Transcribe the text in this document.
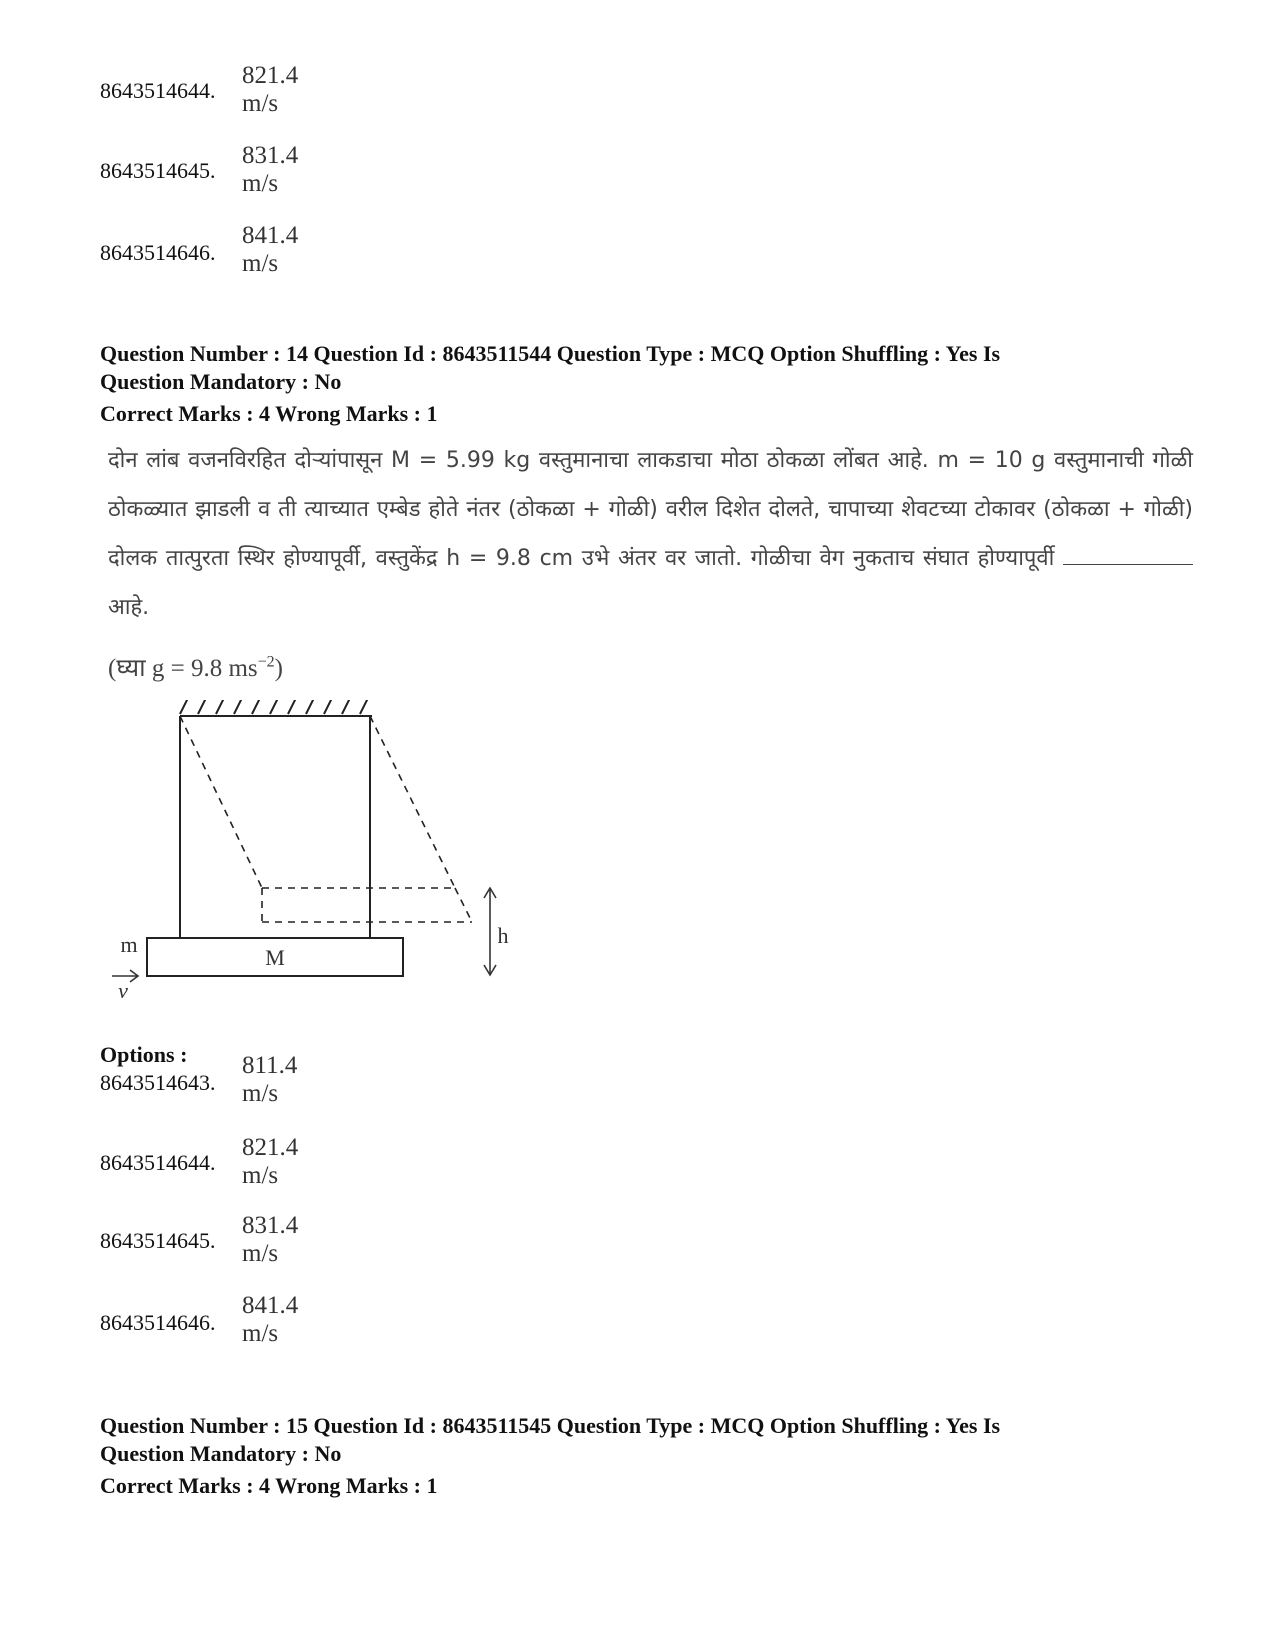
8643514644.
821.4 m/s
8643514645.
831.4 m/s
8643514646.
841.4 m/s
Question Number : 14 Question Id : 8643511544 Question Type : MCQ Option Shuffling : Yes Is
Question Mandatory : No
Correct Marks : 4 Wrong Marks : 1
दोन लांब वजनविरहित दोऱ्यांपासून M = 5.99 kg वस्तुमानाचा लाकडाचा मोठा ठोकळा लोंबत आहे. m = 10 g वस्तुमानाची गोळी ठोकळ्यात झाडली व ती त्याच्यात एम्बेड होते नंतर (ठोकळा + गोळी) वरील दिशेत दोलते, चापाच्या शेवटच्या टोकावर (ठोकळा + गोळी) दोलक तात्पुरता स्थिर होण्यापूर्वी, वस्तुकेंद्र h = 9.8 cm उभे अंतर वर जातो. गोळीचा वेग नुकताच संघात होण्यापूर्वी  आहे.
(घ्या g = 9.8 $ms^{-2}$)
M
m
v
h
Options :
8643514643.
811.4 m/s
8643514644.
821.4 m/s
8643514645.
831.4 m/s
8643514646.
841.4 m/s
Question Number : 15 Question Id : 8643511545 Question Type : MCQ Option Shuffling : Yes Is
Question Mandatory : No
Correct Marks : 4 Wrong Marks : 1
